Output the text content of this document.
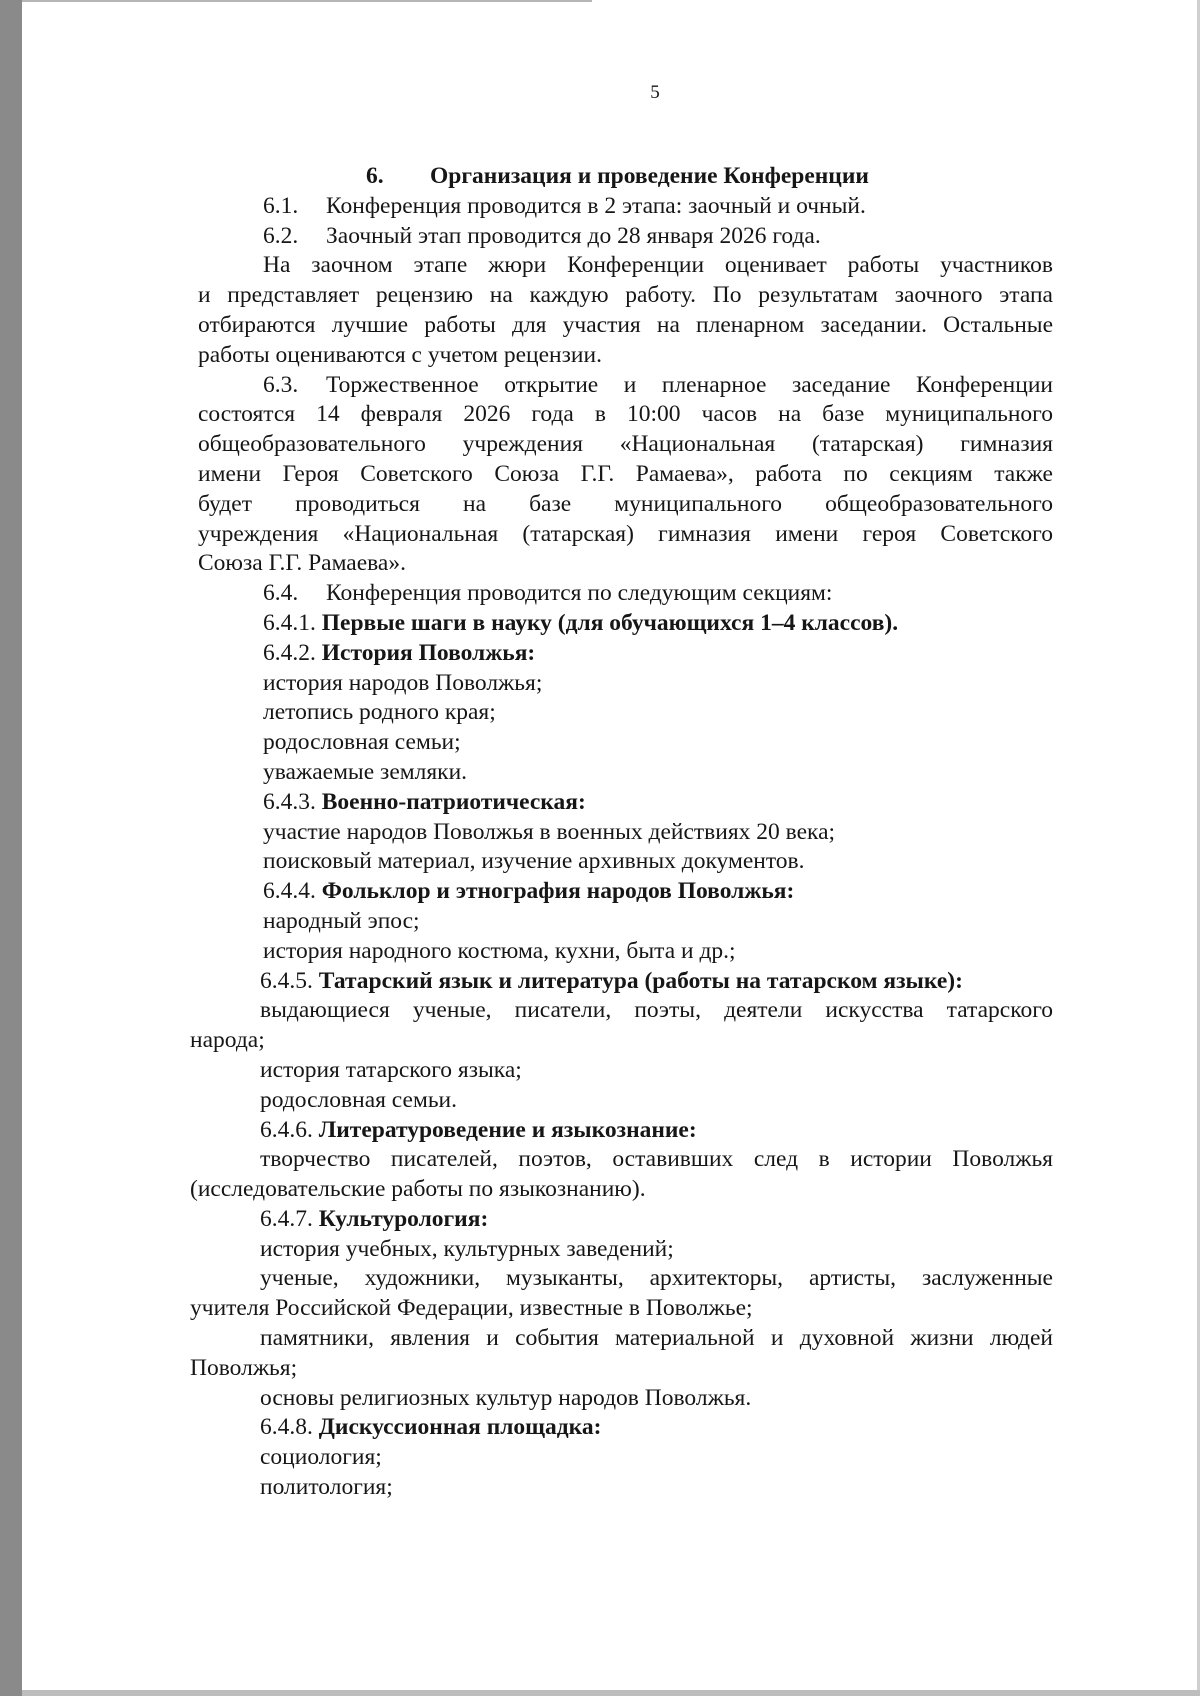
5
6. Организация и проведение Конференции
6.1. Конференция проводится в 2 этапа: заочный и очный.
6.2. Заочный этап проводится до 28 января 2026 года.
На заочном этапе жюри Конференции оценивает работы участников
и представляет рецензию на каждую работу. По результатам заочного этапа
отбираются лучшие работы для участия на пленарном заседании. Остальные
работы оцениваются с учетом рецензии.
6.3. Торжественное открытие и пленарное заседание Конференции
состоятся 14 февраля 2026 года в 10:00 часов на базе муниципального
общеобразовательного учреждения «Национальная (татарская) гимназия
имени Героя Советского Союза Г.Г. Рамаева», работа по секциям также
будет проводиться на базе муниципального общеобразовательного
учреждения «Национальная (татарская) гимназия имени героя Советского
Союза Г.Г. Рамаева».
6.4. Конференция проводится по следующим секциям:
6.4.1. Первые шаги в науку (для обучающихся 1–4 классов).
6.4.2. История Поволжья:
история народов Поволжья;
летопись родного края;
родословная семьи;
уважаемые земляки.
6.4.3. Военно-патриотическая:
участие народов Поволжья в военных действиях 20 века;
поисковый материал, изучение архивных документов.
6.4.4. Фольклор и этнография народов Поволжья:
народный эпос;
история народного костюма, кухни, быта и др.;
6.4.5. Татарский язык и литература (работы на татарском языке):
выдающиеся ученые, писатели, поэты, деятели искусства татарского
народа;
история татарского языка;
родословная семьи.
6.4.6. Литературоведение и языкознание:
творчество писателей, поэтов, оставивших след в истории Поволжья
(исследовательские работы по языкознанию).
6.4.7. Культурология:
история учебных, культурных заведений;
ученые, художники, музыканты, архитекторы, артисты, заслуженные
учителя Российской Федерации, известные в Поволжье;
памятники, явления и события материальной и духовной жизни людей
Поволжья;
основы религиозных культур народов Поволжья.
6.4.8. Дискуссионная площадка:
социология;
политология;
